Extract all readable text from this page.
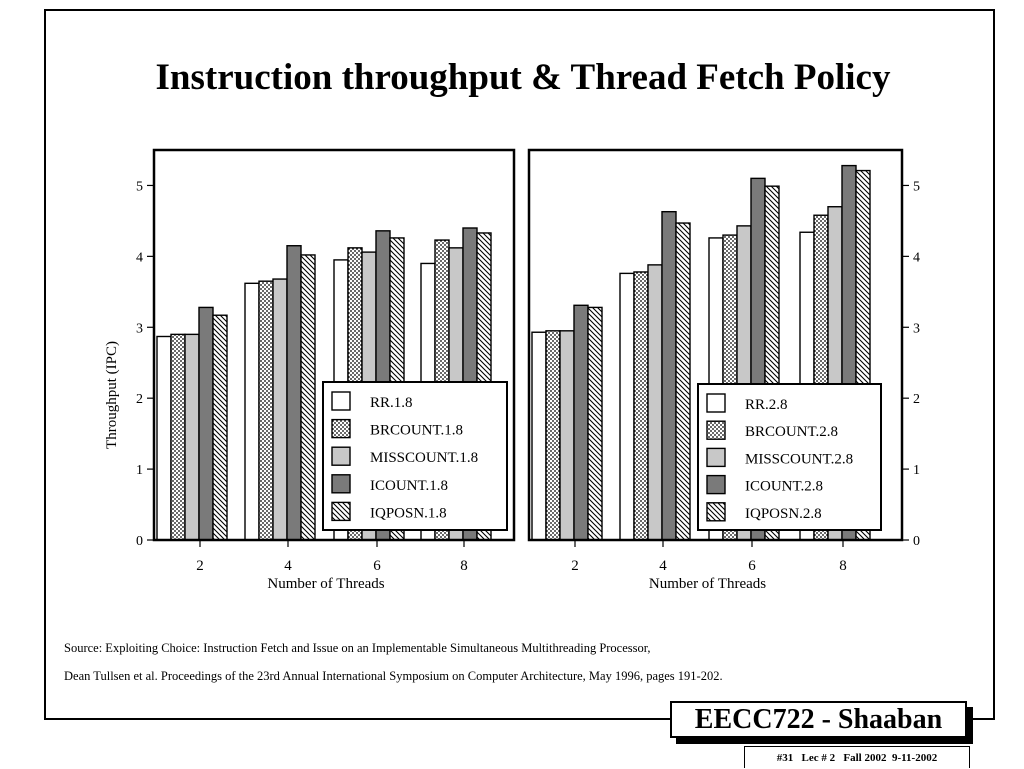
Instruction throughput & Thread Fetch Policy
0
1
2
3
4
5
2	4	6	8
Number of Threads
Throughput (IPC)	RR.1.8
BRCOUNT.1.8
MISSCOUNT.1.8
ICOUNT.1.8
IQPOSN.1.8
0
1
2
3
4
5
2	4	6	8
Number of Threads
RR.2.8
BRCOUNT.2.8
MISSCOUNT.2.8
ICOUNT.2.8
IQPOSN.2.8
Source: Exploiting Choice: Instruction Fetch and Issue on an Implementable Simultaneous Multithreading Processor,
Dean Tullsen et al. Proceedings of the 23rd Annual International Symposium on Computer Architecture, May 1996, pages 191-202.
EECC722 - Shaaban
#31   Lec # 2   Fall 2002  9-11-2002
